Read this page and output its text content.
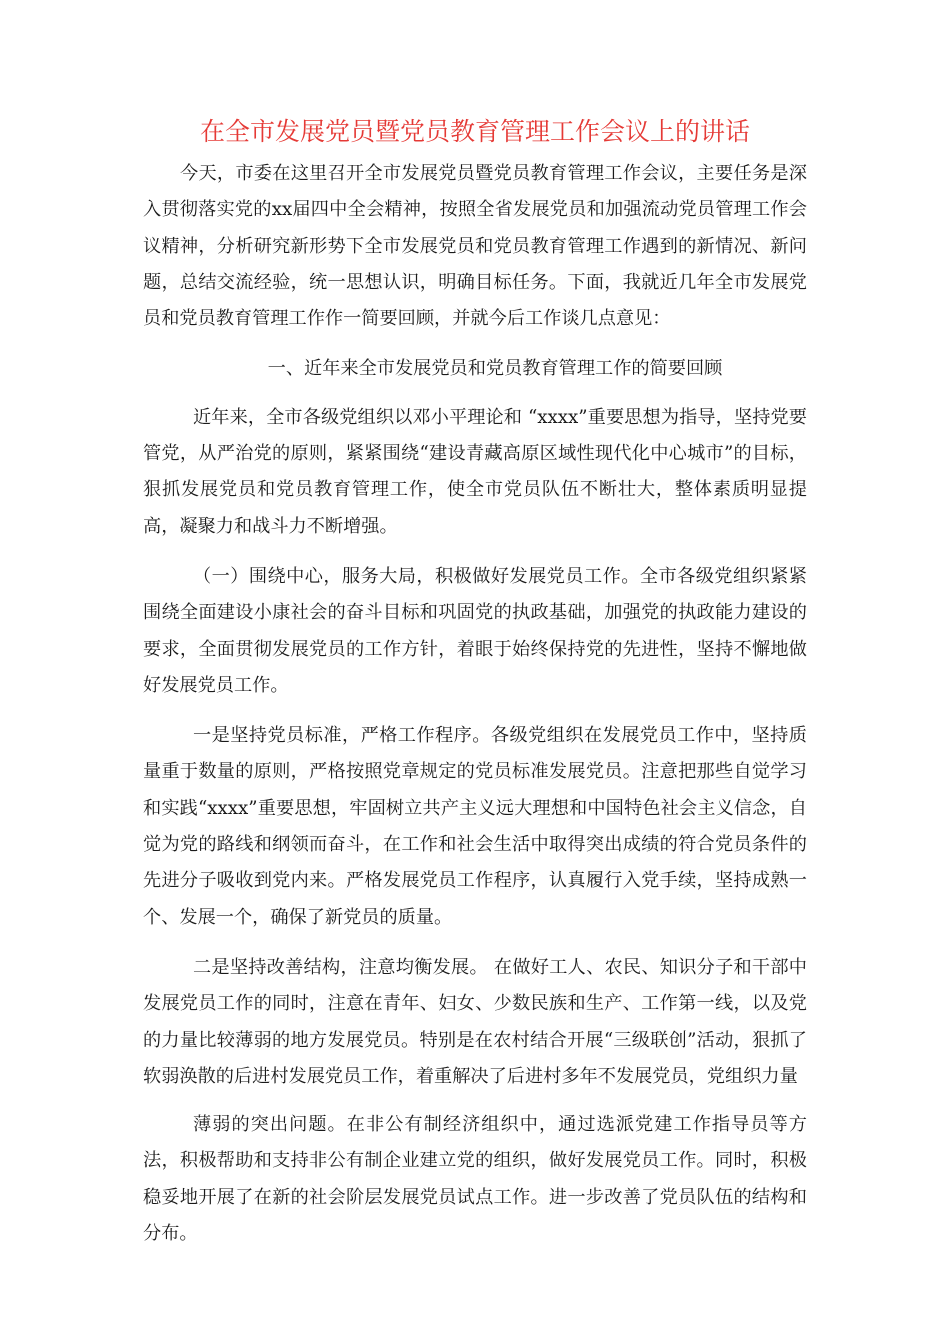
在全市发展党员暨党员教育管理工作会议上的讲话

今天，市委在这里召开全市发展党员暨党员教育管理工作会议，主要任务是深入贯彻落实党的xx届四中全会精神，按照全省发展党员和加强流动党员管理工作会议精神，分析研究新形势下全市发展党员和党员教育管理工作遇到的新情况、新问题，总结交流经验，统一思想认识，明确目标任务。下面，我就近几年全市发展党员和党员教育管理工作作一简要回顾，并就今后工作谈几点意见：

一、近年来全市发展党员和党员教育管理工作的简要回顾

近年来，全市各级党组织以邓小平理论和 “xxxx”重要思想为指导，坚持党要管党，从严治党的原则，紧紧围绕“建设青藏高原区域性现代化中心城市”的目标，狠抓发展党员和党员教育管理工作，使全市党员队伍不断壮大，整体素质明显提高，凝聚力和战斗力不断增强。

（一）围绕中心，服务大局，积极做好发展党员工作。全市各级党组织紧紧围绕全面建设小康社会的奋斗目标和巩固党的执政基础，加强党的执政能力建设的要求，全面贯彻发展党员的工作方针，着眼于始终保持党的先进性，坚持不懈地做好发展党员工作。

一是坚持党员标准，严格工作程序。各级党组织在发展党员工作中，坚持质量重于数量的原则，严格按照党章规定的党员标准发展党员。注意把那些自觉学习和实践“xxxx”重要思想，牢固树立共产主义远大理想和中国特色社会主义信念，自觉为党的路线和纲领而奋斗，在工作和社会生活中取得突出成绩的符合党员条件的先进分子吸收到党内来。严格发展党员工作程序，认真履行入党手续，坚持成熟一个、发展一个，确保了新党员的质量。

二是坚持改善结构，注意均衡发展。 在做好工人、农民、知识分子和干部中发展党员工作的同时，注意在青年、妇女、少数民族和生产、工作第一线，以及党的力量比较薄弱的地方发展党员。特别是在农村结合开展“三级联创”活动，狠抓了软弱涣散的后进村发展党员工作，着重解决了后进村多年不发展党员，党组织力量

薄弱的突出问题。在非公有制经济组织中，通过选派党建工作指导员等方法，积极帮助和支持非公有制企业建立党的组织，做好发展党员工作。同时，积极稳妥地开展了在新的社会阶层发展党员试点工作。进一步改善了党员队伍的结构和分布。
